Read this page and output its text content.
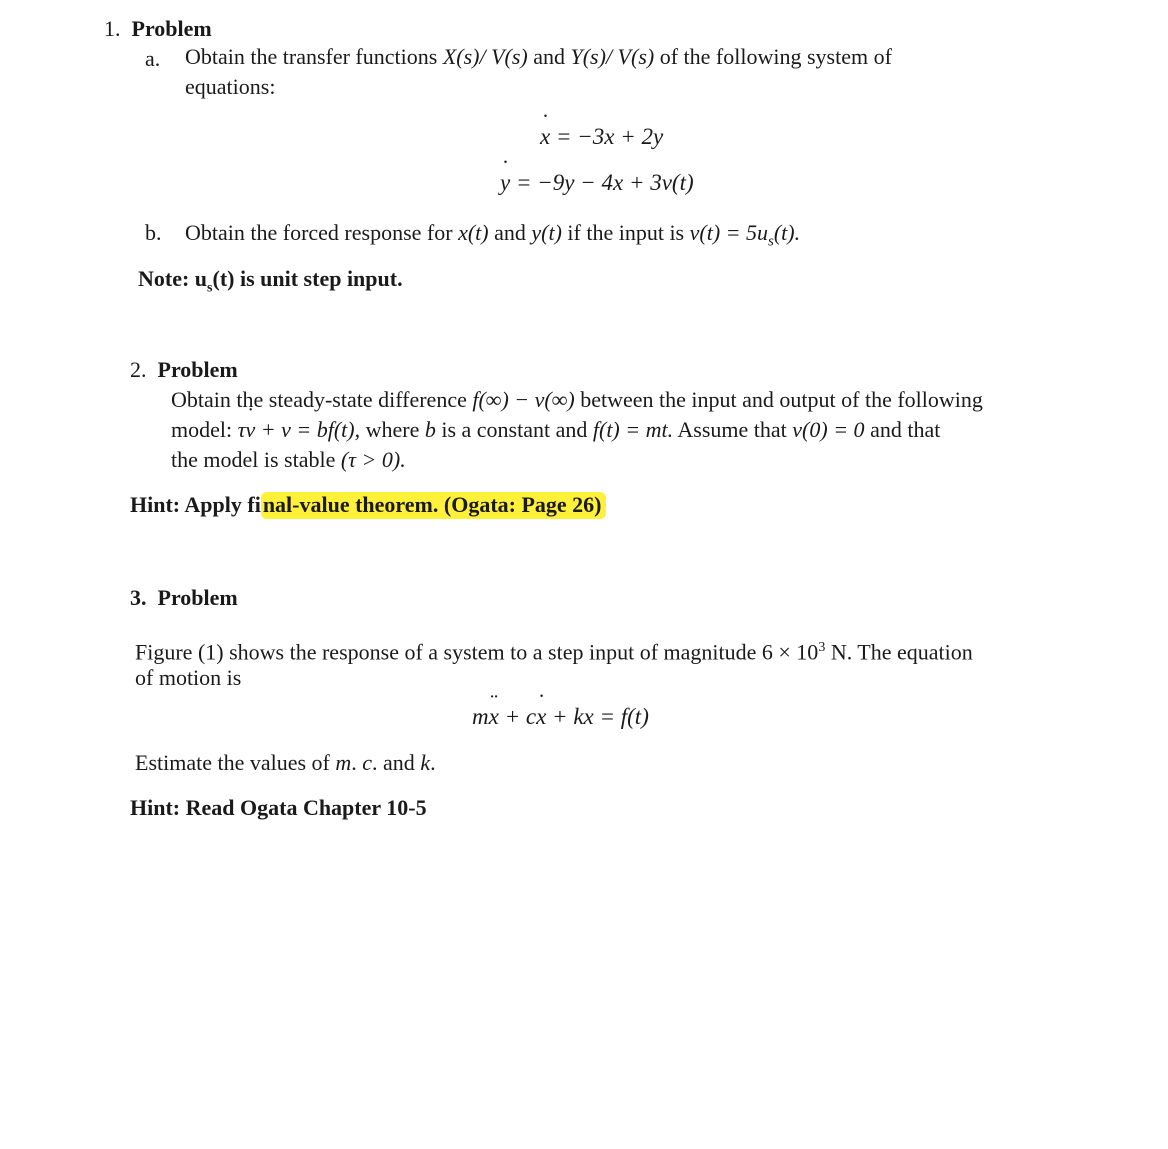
1. Problem
a. Obtain the transfer functions X(s)/ V(s) and Y(s)/ V(s) of the following system of
equations:
˙ x = −3x + 2y
˙ y = −9y − 4x + 3v(t)
b. Obtain the forced response for x(t) and y(t) if the input is $v(t) = 5u_s(t)$.
Note: $u_s(t)$ is unit step input.
2. Problem
Obtain the steady-state difference f(∞) − v(∞) between the input and output of the following
model: τ˙ v + v = bf(t), where b is a constant and f(t) = mt. Assume that v(0) = 0 and that
the model is stable (τ > 0).
Hint: Apply final-value theorem. (Ogata: Page 26)
3. Problem
Figure (1) shows the response of a system to a step input of magnitude $6 \times 10^3$ N. The equation
of motion is
m¨ x + c˙ x + kx = f(t)
Estimate the values of m. c. and k.
Hint: Read Ogata Chapter 10-5
